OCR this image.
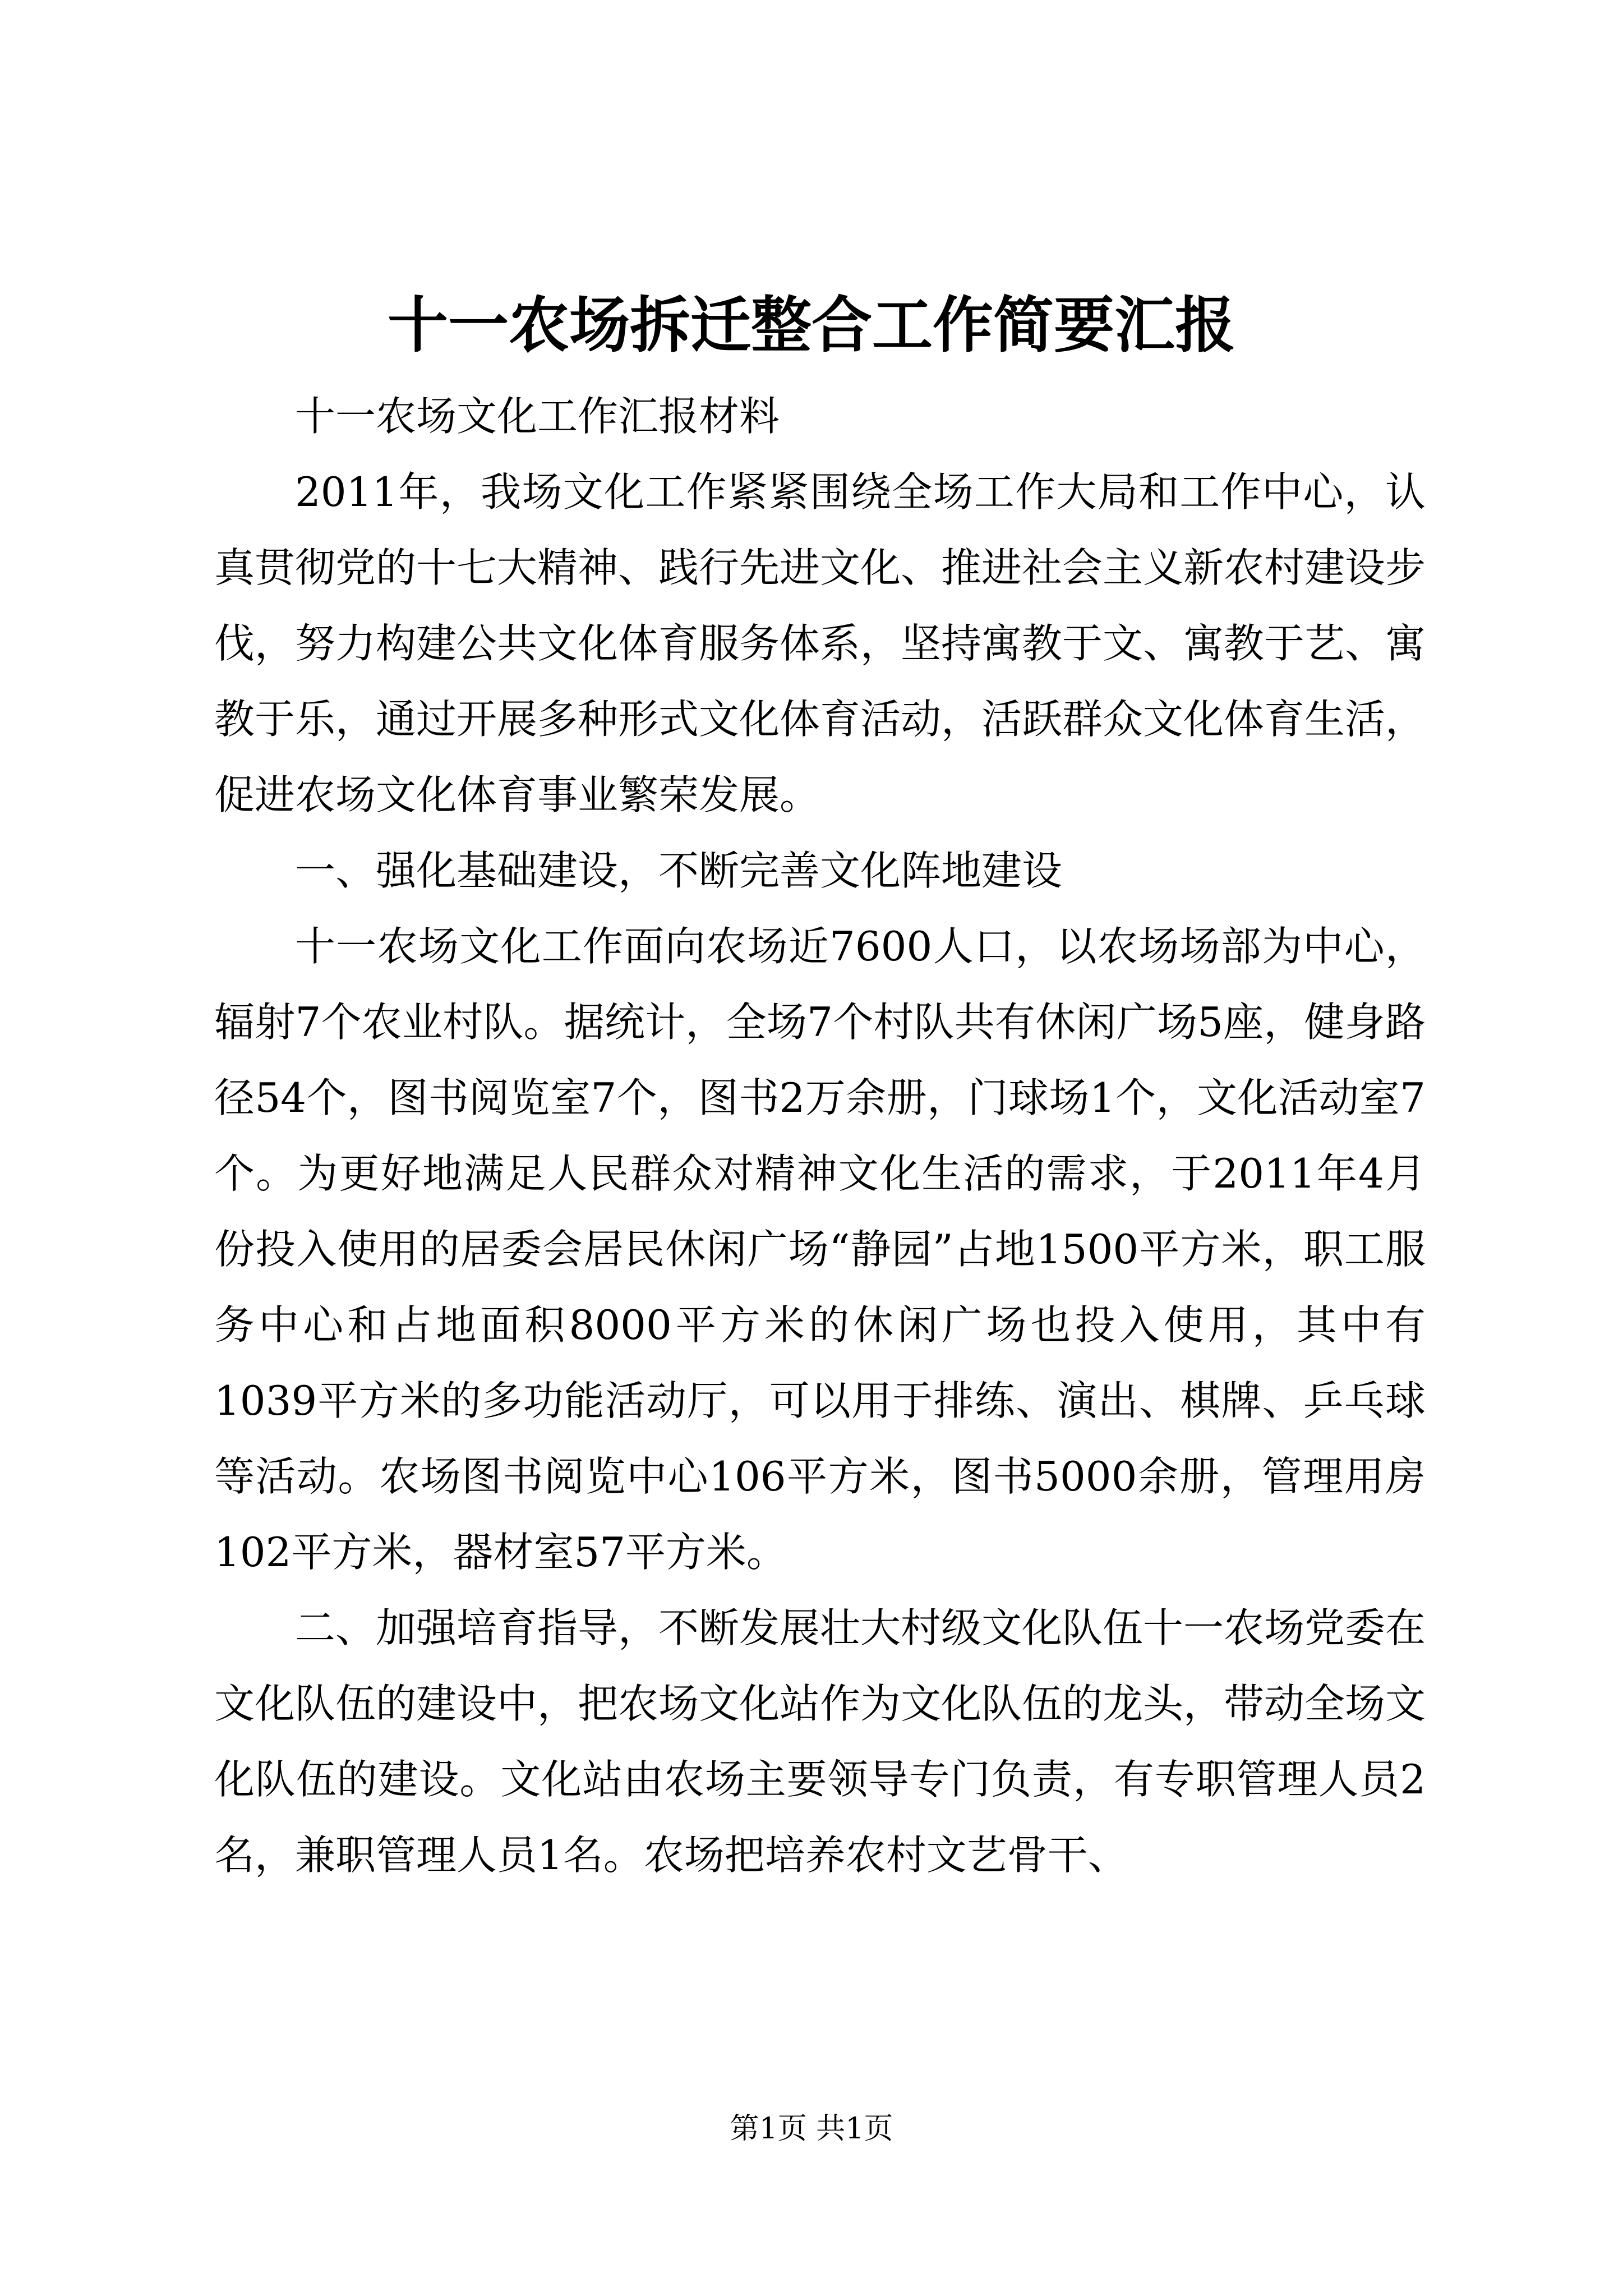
十一农场拆迁整合工作简要汇报

十一农场文化工作汇报材料

2011年，我场文化工作紧紧围绕全场工作大局和工作中心，认真贯彻党的十七大精神、践行先进文化、推进社会主义新农村建设步伐，努力构建公共文化体育服务体系，坚持寓教于文、寓教于艺、寓教于乐，通过开展多种形式文化体育活动，活跃群众文化体育生活，促进农场文化体育事业繁荣发展。

一、强化基础建设，不断完善文化阵地建设

十一农场文化工作面向农场近7600人口，以农场场部为中心，辐射7个农业村队。据统计，全场7个村队共有休闲广场5座，健身路径54个，图书阅览室7个，图书2万余册，门球场1个，文化活动室7个。为更好地满足人民群众对精神文化生活的需求，于2011年4月份投入使用的居委会居民休闲广场“静园”占地1500平方米，职工服务中心和占地面积8000平方米的休闲广场也投入使用，其中有1039平方米的多功能活动厅，可以用于排练、演出、棋牌、乒乓球等活动。农场图书阅览中心106平方米，图书5000余册，管理用房102平方米，器材室57平方米。

二、加强培育指导，不断发展壮大村级文化队伍十一农场党委在文化队伍的建设中，把农场文化站作为文化队伍的龙头，带动全场文化队伍的建设。文化站由农场主要领导专门负责，有专职管理人员2名，兼职管理人员1名。农场把培养农村文艺骨干、

第1页 共1页
